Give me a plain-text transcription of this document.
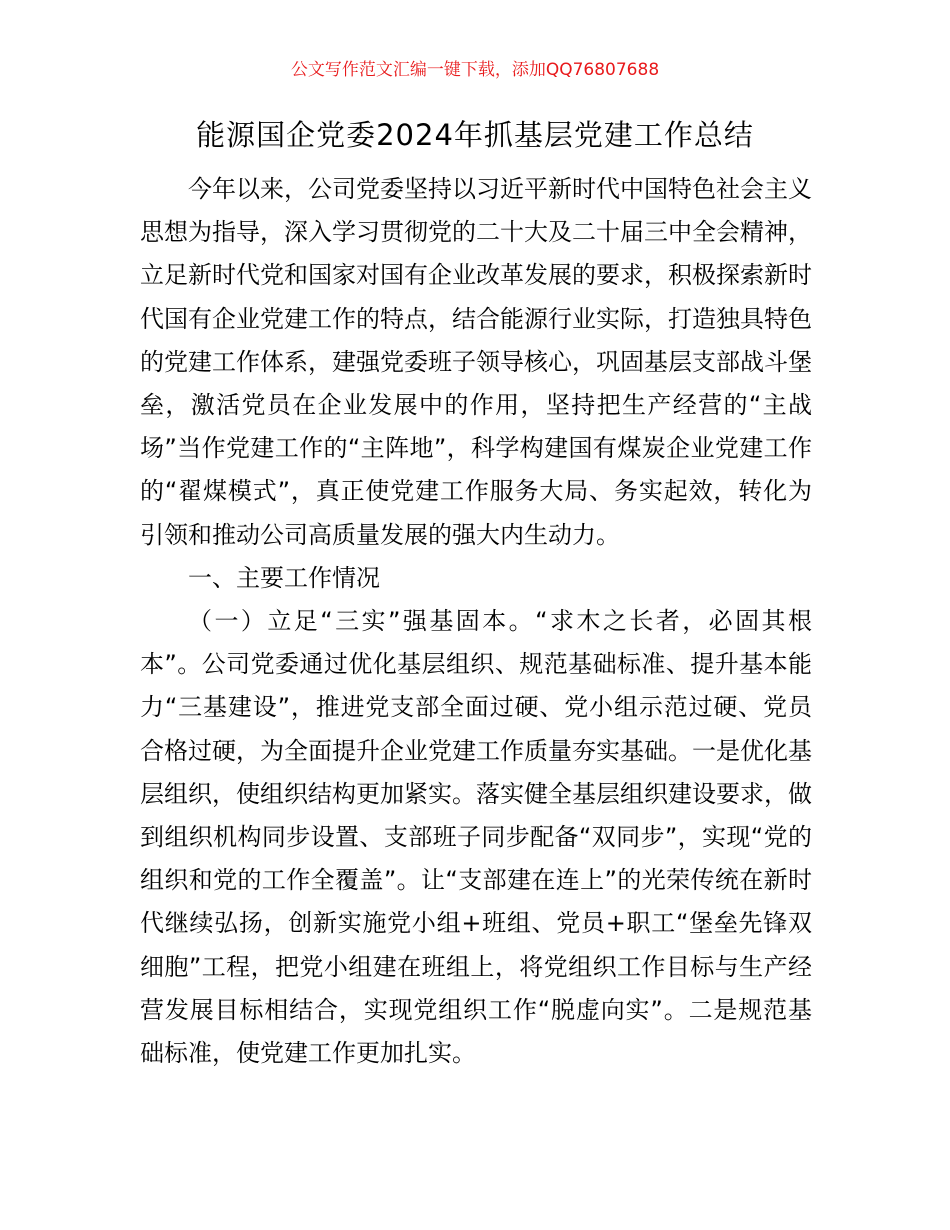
公文写作范文汇编一键下载，添加QQ76807688
能源国企党委2024年抓基层党建工作总结

今年以来，公司党委坚持以习近平新时代中国特色社会主义思想为指导，深入学习贯彻党的二十大及二十届三中全会精神，立足新时代党和国家对国有企业改革发展的要求，积极探索新时代国有企业党建工作的特点，结合能源行业实际，打造独具特色的党建工作体系，建强党委班子领导核心，巩固基层支部战斗堡垒，激活党员在企业发展中的作用，坚持把生产经营的“主战场”当作党建工作的“主阵地”，科学构建国有煤炭企业党建工作的“翟煤模式”，真正使党建工作服务大局、务实起效，转化为引领和推动公司高质量发展的强大内生动力。

一、主要工作情况

（一）立足“三实”强基固本。“求木之长者，必固其根本”。公司党委通过优化基层组织、规范基础标准、提升基本能力“三基建设”，推进党支部全面过硬、党小组示范过硬、党员合格过硬，为全面提升企业党建工作质量夯实基础。一是优化基层组织，使组织结构更加紧实。落实健全基层组织建设要求，做到组织机构同步设置、支部班子同步配备“双同步”，实现“党的组织和党的工作全覆盖”。让“支部建在连上”的光荣传统在新时代继续弘扬，创新实施党小组+班组、党员+职工“堡垒先锋双细胞”工程，把党小组建在班组上，将党组织工作目标与生产经营发展目标相结合，实现党组织工作“脱虚向实”。二是规范基础标准，使党建工作更加扎实。
